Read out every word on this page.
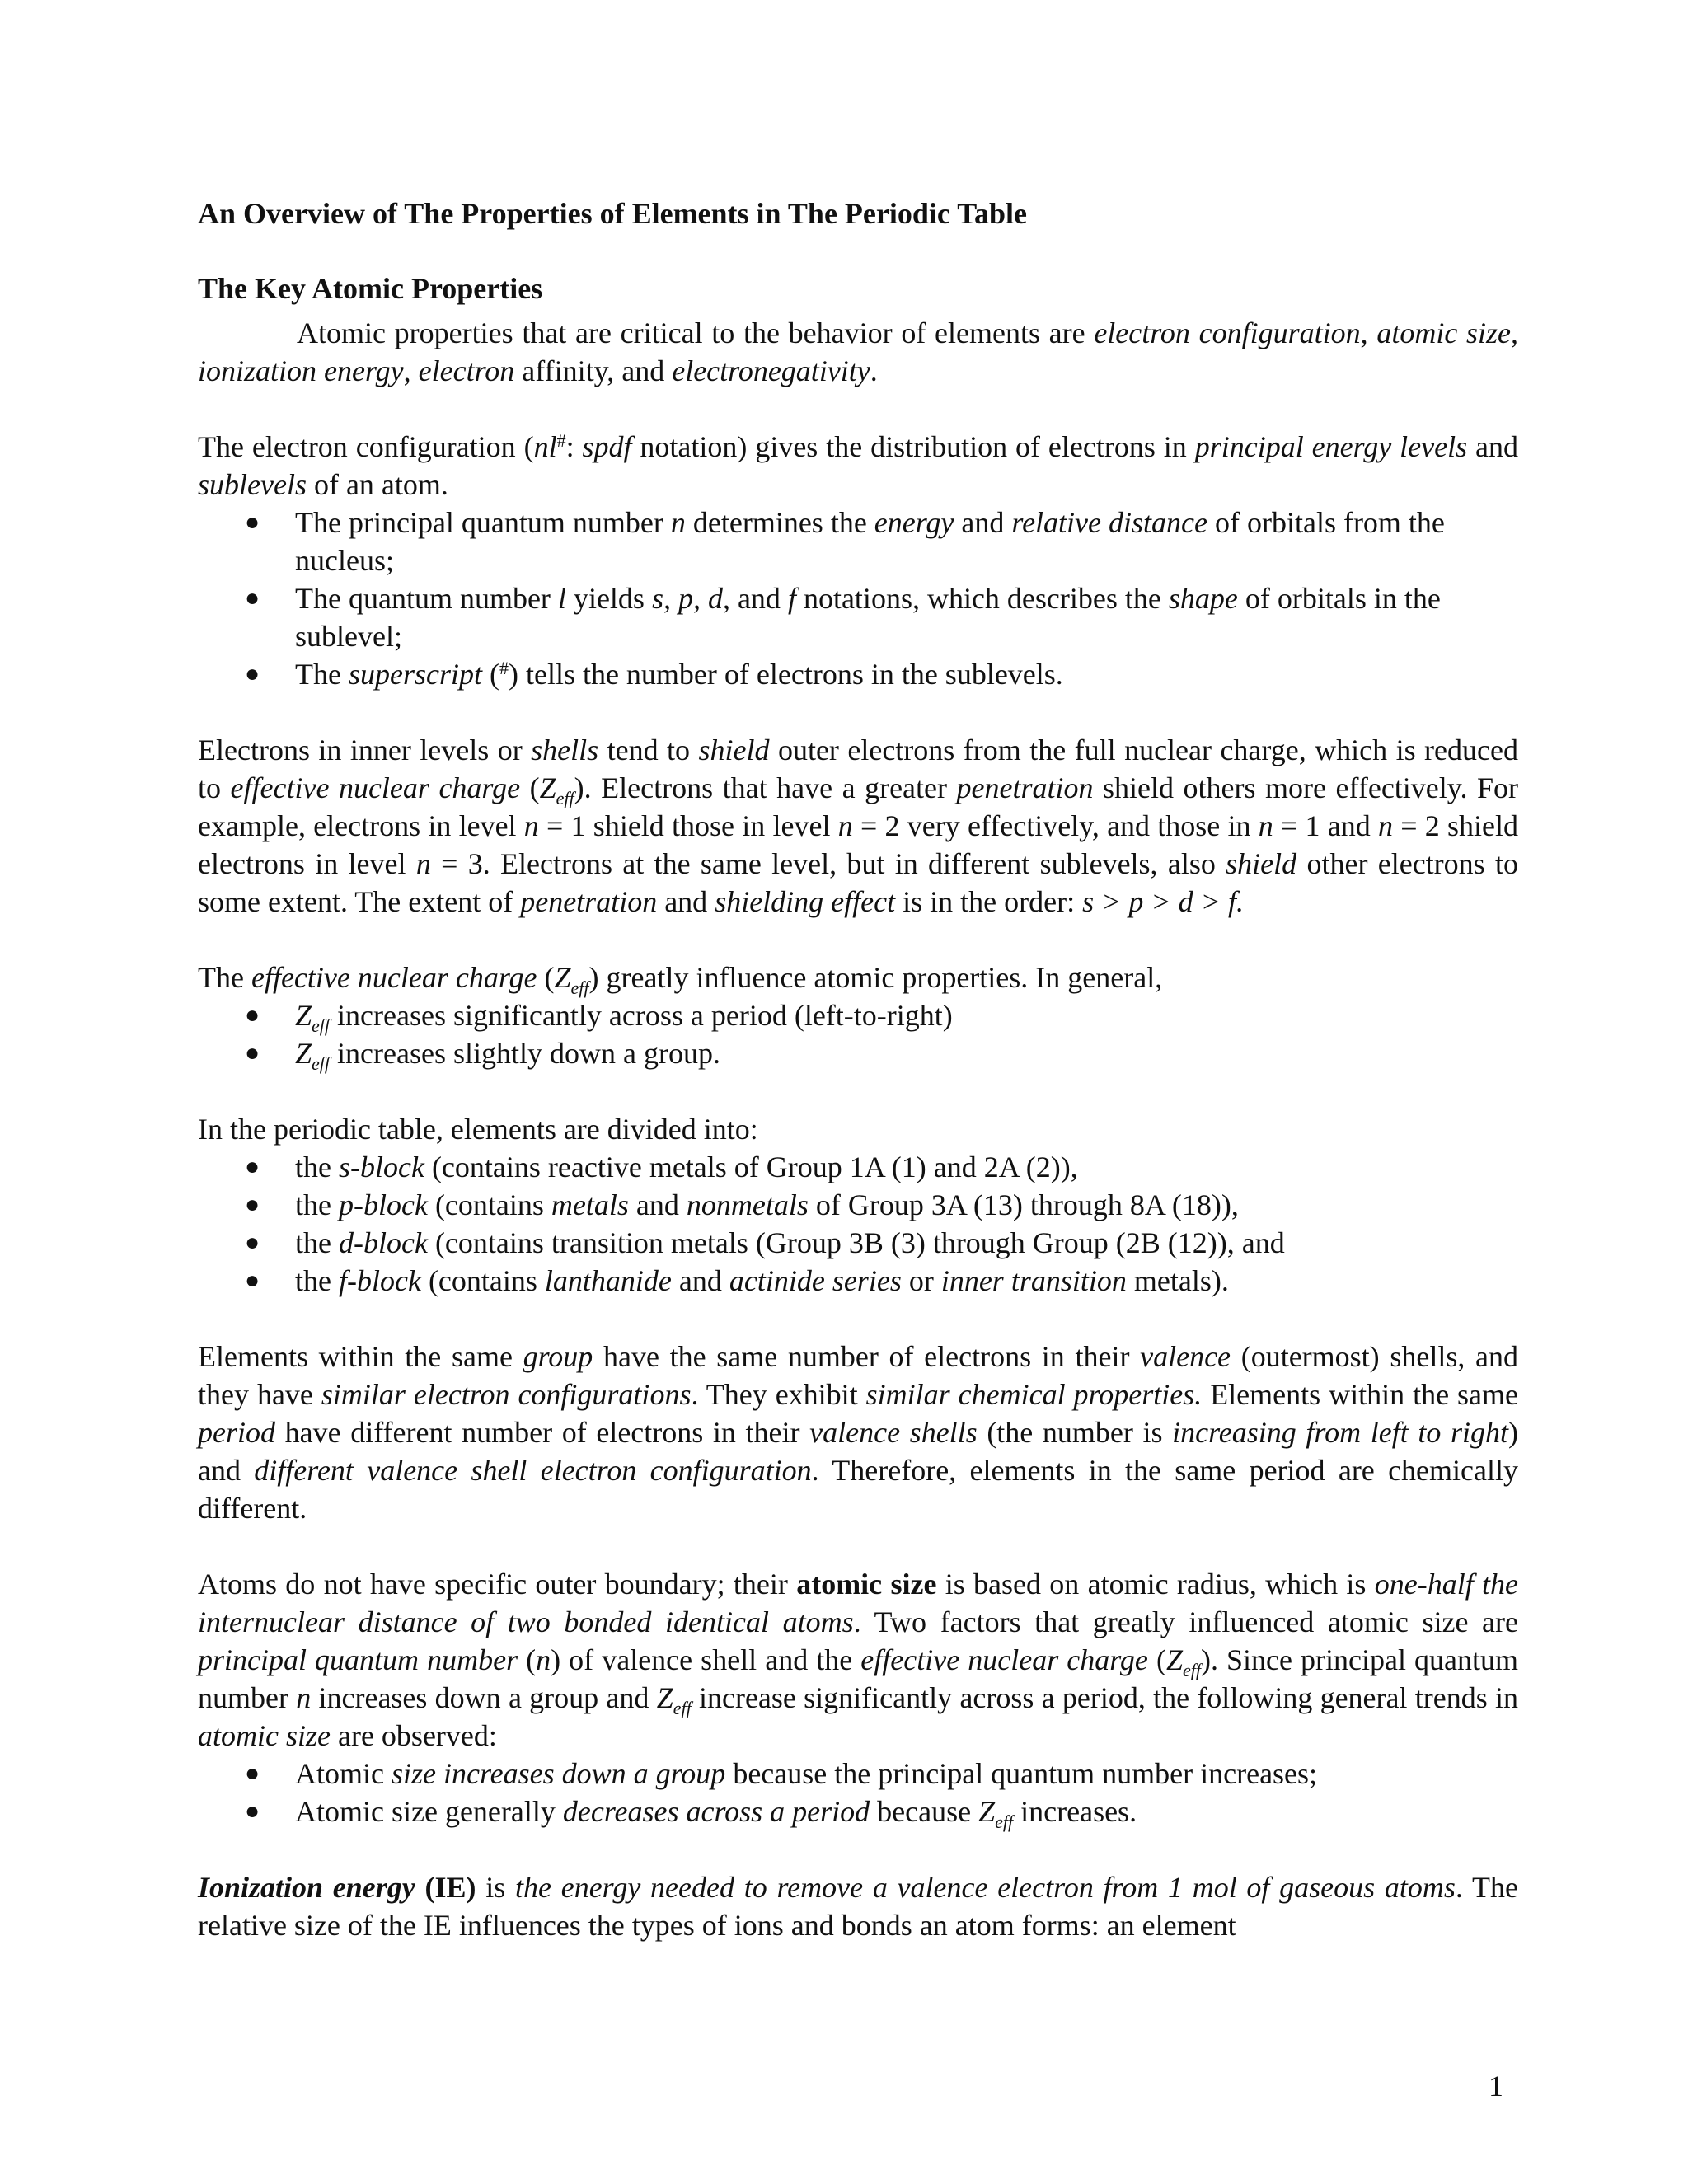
An Overview of The Properties of Elements in The Periodic Table
The Key Atomic Properties

Atomic properties that are critical to the behavior of elements are electron configuration, atomic size, ionization energy, electron affinity, and electronegativity.

The electron configuration (nl#: spdf notation) gives the distribution of electrons in principal energy levels and sublevels of an atom.

● The principal quantum number n determines the energy and relative distance of orbitals from the nucleus;
● The quantum number l yields s, p, d, and f notations, which describes the shape of orbitals in the sublevel;
● The superscript (#) tells the number of electrons in the sublevels.

Electrons in inner levels or shells tend to shield outer electrons from the full nuclear charge, which is reduced to effective nuclear charge $(Z_{eff})$. Electrons that have a greater penetration shield others more effectively. For example, electrons in level n = 1 shield those in level n = 2 very effectively, and those in n = 1 and n = 2 shield electrons in level n = 3. Electrons at the same level, but in different sublevels, also shield other electrons to some extent. The extent of penetration and shielding effect is in the order: s > p > d > f.

The effective nuclear charge $(Z_{eff})$ greatly influence atomic properties. In general,

● $Z_{eff}$ increases significantly across a period (left-to-right)
● $Z_{eff}$ increases slightly down a group.

In the periodic table, elements are divided into:

● the s-block (contains reactive metals of Group 1A (1) and 2A (2)),
● the p-block (contains metals and nonmetals of Group 3A (13) through 8A (18)),
● the d-block (contains transition metals (Group 3B (3) through Group (2B (12)), and
● the f-block (contains lanthanide and actinide series or inner transition metals).

Elements within the same group have the same number of electrons in their valence (outermost) shells, and they have similar electron configurations. They exhibit similar chemical properties. Elements within the same period have different number of electrons in their valence shells (the number is increasing from left to right) and different valence shell electron configuration. Therefore, elements in the same period are chemically different.

Atoms do not have specific outer boundary; their atomic size is based on atomic radius, which is one-half the internuclear distance of two bonded identical atoms. Two factors that greatly influenced atomic size are principal quantum number (n) of valence shell and the effective nuclear charge $(Z_{eff})$. Since principal quantum number n increases down a group and $Z_{eff}$ increase significantly across a period, the following general trends in atomic size are observed:

● Atomic size increases down a group because the principal quantum number increases;
● Atomic size generally decreases across a period because $Z_{eff}$ increases.

Ionization energy (IE) is the energy needed to remove a valence electron from 1 mol of gaseous atoms. The relative size of the IE influences the types of ions and bonds an atom forms: an element

1
